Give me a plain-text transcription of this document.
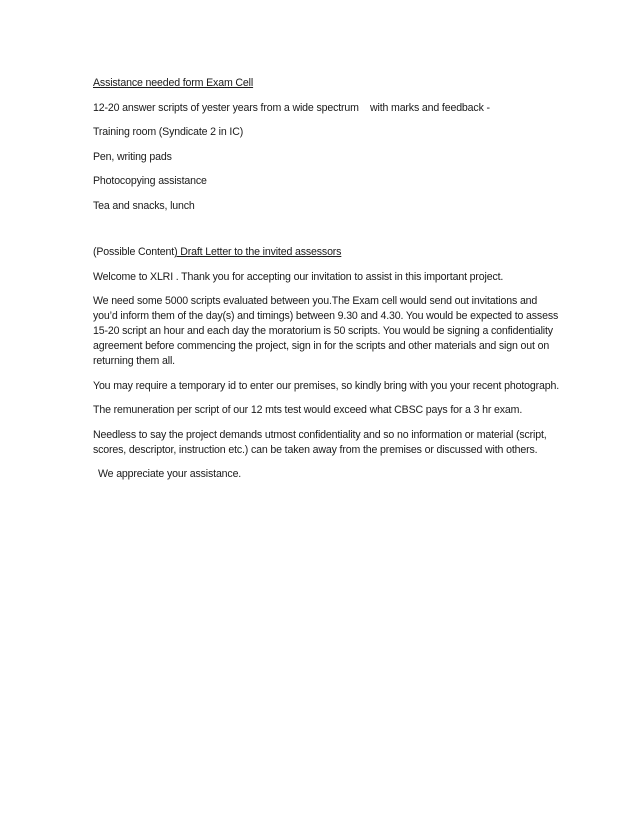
Assistance needed form Exam Cell

12-20 answer scripts of yester years from a wide spectrum    with marks and feedback -

Training room (Syndicate 2 in IC)

Pen, writing pads

Photocopying assistance

Tea and snacks, lunch

(Possible Content) Draft Letter to the invited assessors

Welcome to XLRI . Thank you for accepting our invitation to assist in this important project.

We need some 5000 scripts evaluated between you.The Exam cell would send out invitations and you’d inform them of the day(s) and timings) between 9.30 and 4.30. You would be expected to assess 15-20 script an hour and each day the moratorium is 50 scripts. You would be signing a confidentiality agreement before commencing the project, sign in for the scripts and other materials and sign out on returning them all.

You may require a temporary id to enter our premises, so kindly bring with you your recent photograph.

The remuneration per script of our 12 mts test would exceed what CBSC pays for a 3 hr exam.

Needless to say the project demands utmost confidentiality and so no information or material (script, scores, descriptor, instruction etc.) can be taken away from the premises or discussed with others.

We appreciate your assistance.
